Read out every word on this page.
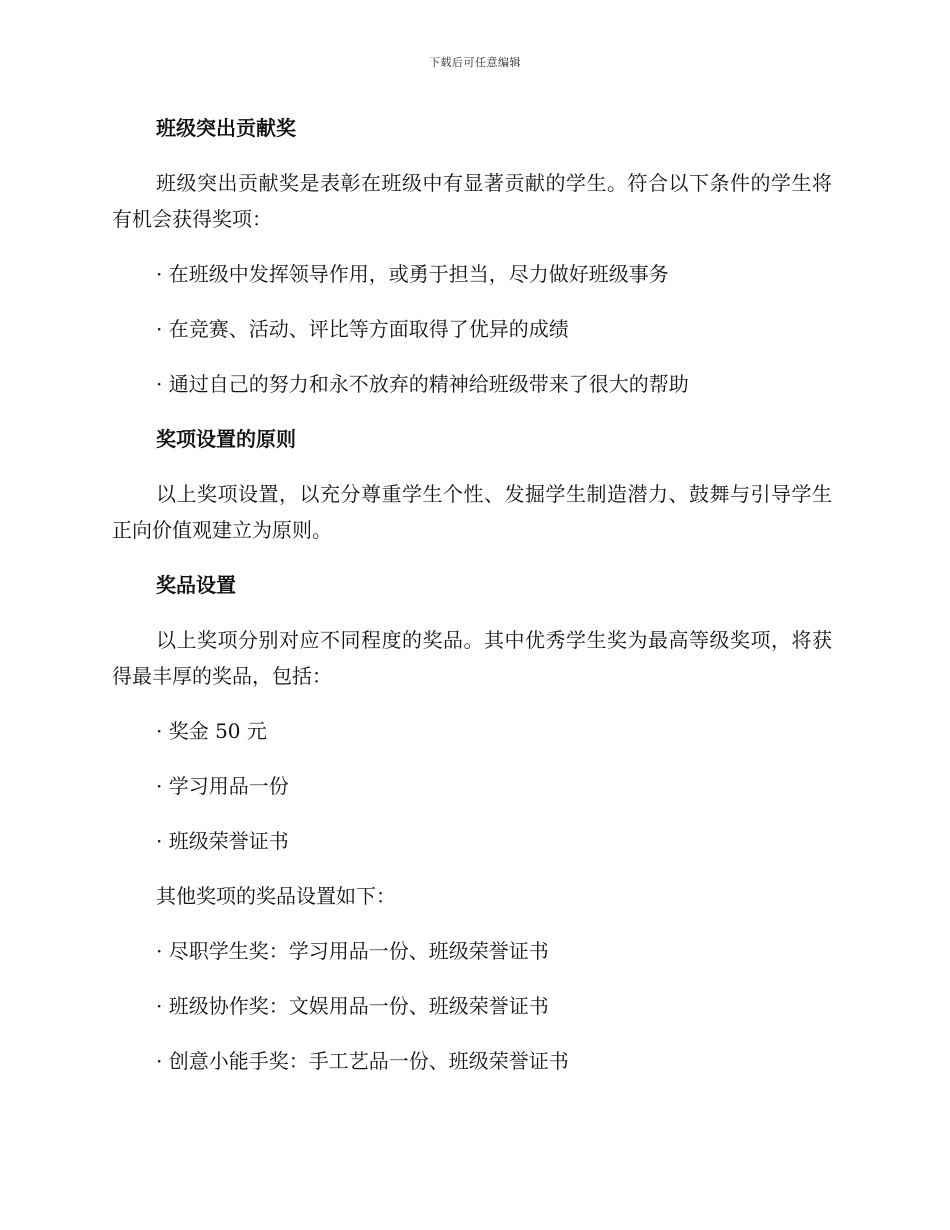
下载后可任意编辑
班级突出贡献奖
班级突出贡献奖是表彰在班级中有显著贡献的学生。符合以下条件的学生将有机会获得奖项：
· 在班级中发挥领导作用，或勇于担当，尽力做好班级事务
· 在竞赛、活动、评比等方面取得了优异的成绩
· 通过自己的努力和永不放弃的精神给班级带来了很大的帮助
奖项设置的原则
以上奖项设置，以充分尊重学生个性、发掘学生制造潜力、鼓舞与引导学生正向价值观建立为原则。
奖品设置
以上奖项分别对应不同程度的奖品。其中优秀学生奖为最高等级奖项，将获得最丰厚的奖品，包括：
· 奖金 50 元
· 学习用品一份
· 班级荣誉证书
其他奖项的奖品设置如下：
· 尽职学生奖：学习用品一份、班级荣誉证书
· 班级协作奖：文娱用品一份、班级荣誉证书
· 创意小能手奖：手工艺品一份、班级荣誉证书
